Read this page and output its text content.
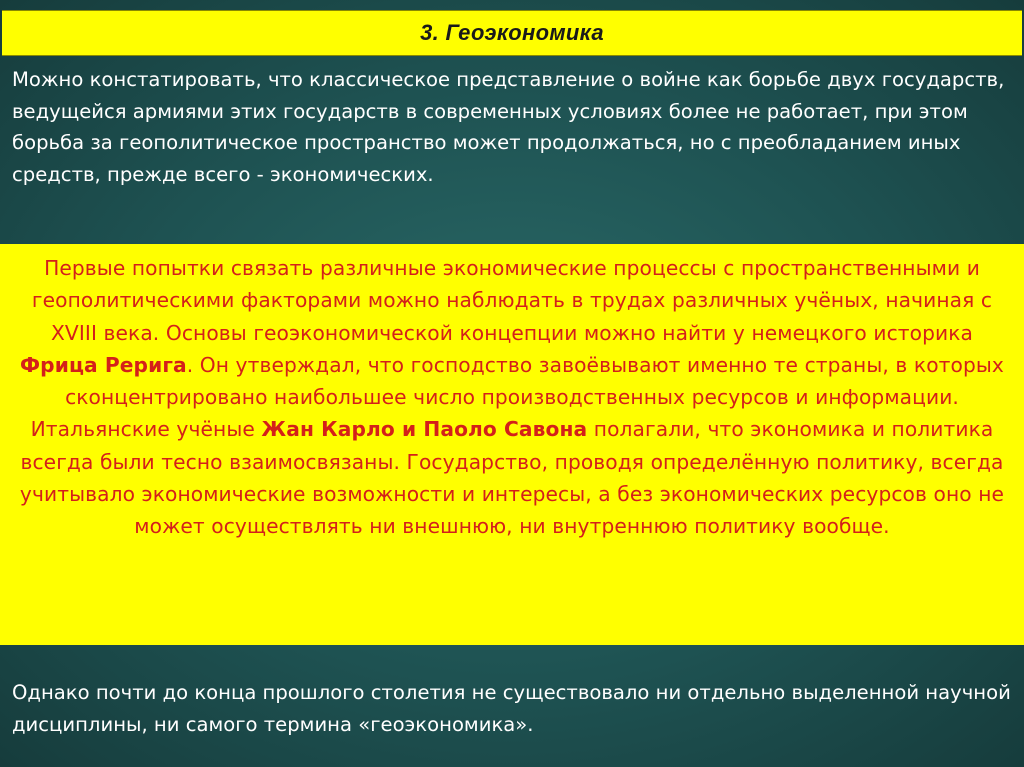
3. Геоэкономика

Можно констатировать, что классическое представление о войне как борьбе двух государств, ведущейся армиями этих государств в современных условиях более не работает, при этом борьба за геополитическое пространство может продолжаться, но с преобладанием иных средств, прежде всего - экономических.

Первые попытки связать различные экономические процессы с пространственными и геополитическими факторами можно наблюдать в трудах различных учёных, начиная с XVIII века. Основы геоэкономической концепции можно найти у немецкого историка Фрица Рерига. Он утверждал, что господство завоёвывают именно те страны, в которых сконцентрировано наибольшее число производственных ресурсов и информации. Итальянские учёные Жан Карло и Паоло Савона полагали, что экономика и политика всегда были тесно взаимосвязаны. Государство, проводя определённую политику, всегда учитывало экономические возможности и интересы, а без экономических ресурсов оно не может осуществлять ни внешнюю, ни внутреннюю политику вообще.

Однако почти до конца прошлого столетия не существовало ни отдельно выделенной научной дисциплины, ни самого термина «геоэкономика».
